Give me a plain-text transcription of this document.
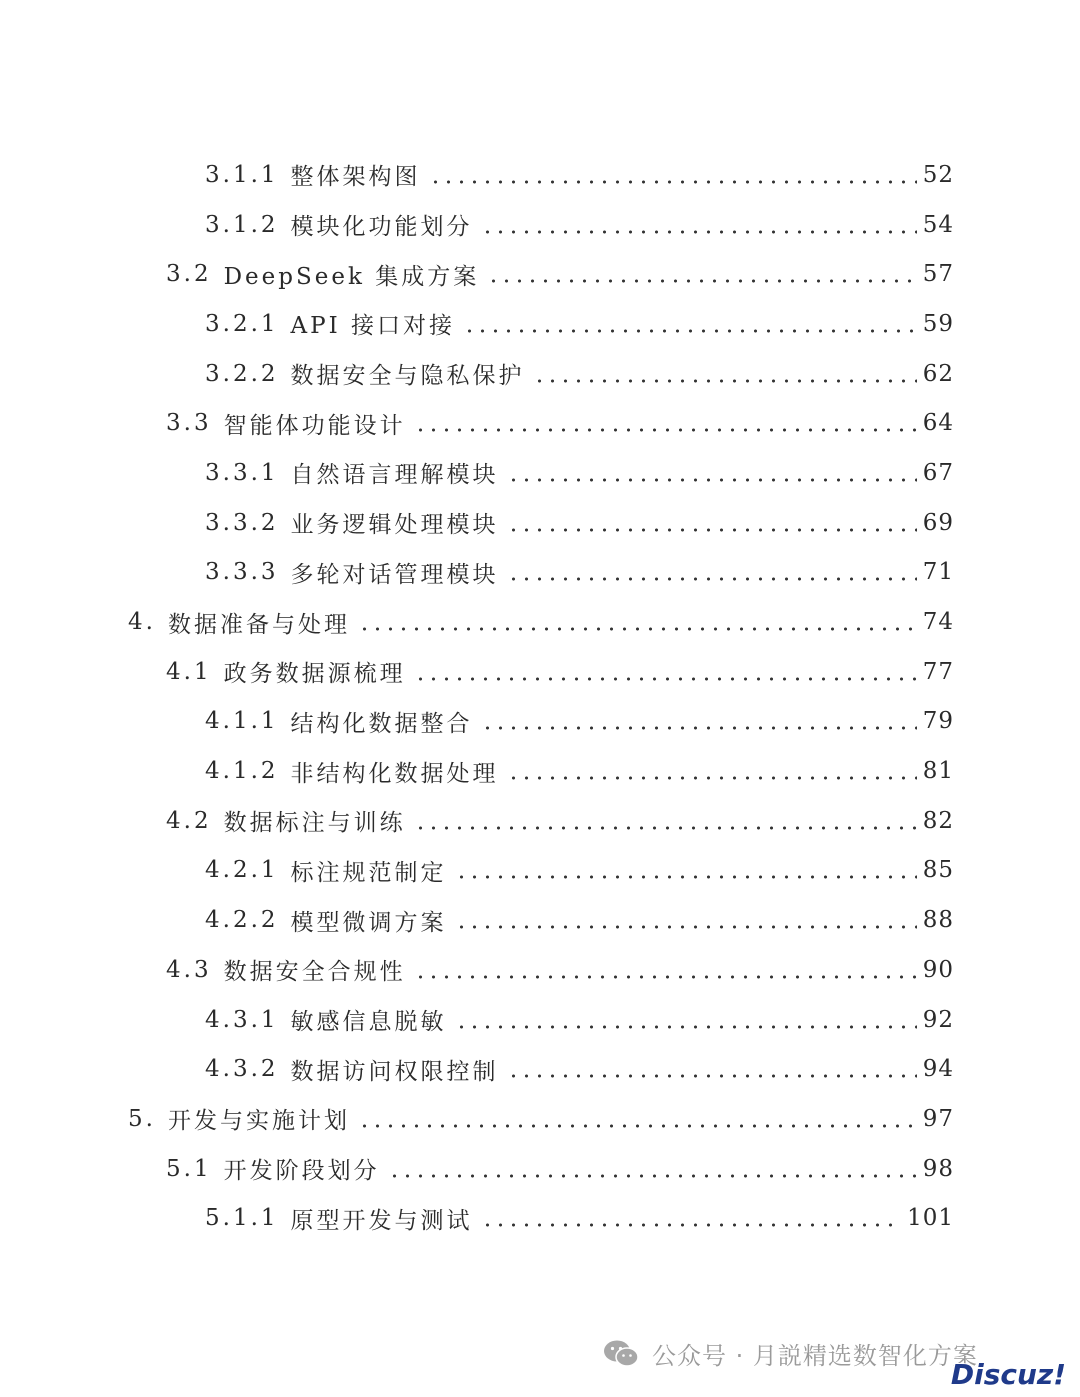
3.1.1 整体架构图	52
3.1.2 模块化功能划分	54
3.2 DeepSeek 集成方案	57
3.2.1 API 接口对接	59
3.2.2 数据安全与隐私保护	62
3.3 智能体功能设计	64
3.3.1 自然语言理解模块	67
3.3.2 业务逻辑处理模块	69
3.3.3 多轮对话管理模块	71
4. 数据准备与处理	74
4.1 政务数据源梳理	77
4.1.1 结构化数据整合	79
4.1.2 非结构化数据处理	81
4.2 数据标注与训练	82
4.2.1 标注规范制定	85
4.2.2 模型微调方案	88
4.3 数据安全合规性	90
4.3.1 敏感信息脱敏	92
4.3.2 数据访问权限控制	94
5. 开发与实施计划	97
5.1 开发阶段划分	98
5.1.1 原型开发与测试	101
公众号 · 月説精选数智化方案
Discuz!
